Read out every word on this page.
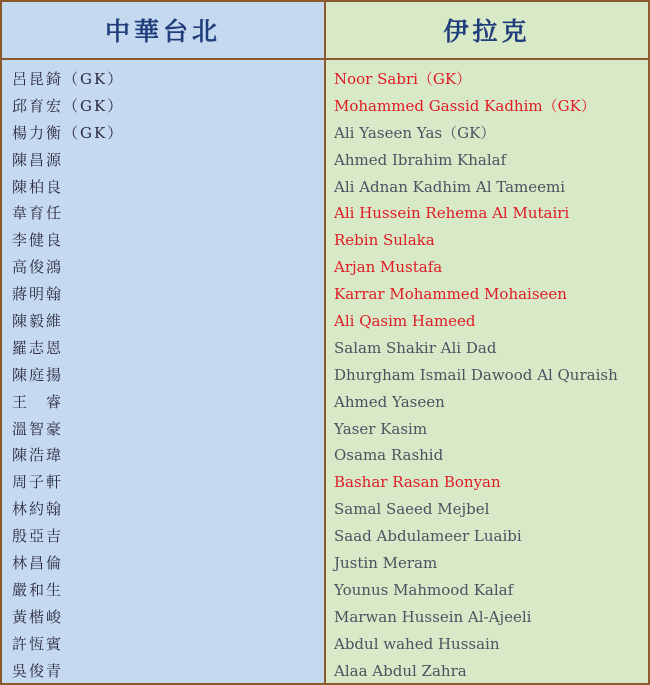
中華台北	伊拉克
呂昆錡（GK）
邱育宏（GK）
楊力衡（GK）
陳昌源
陳柏良
韋育任
李健良
高俊鴻
蔣明翰
陳毅維
羅志恩
陳庭揚
王　睿
溫智豪
陳浩瑋
周子軒
林約翰
殷亞吉
林昌倫
嚴和生
黃楷峻
許恆賓
吳俊青
Noor Sabri（GK）
Mohammed Gassid Kadhim（GK）
Ali Yaseen Yas（GK）
Ahmed Ibrahim Khalaf
Ali Adnan Kadhim Al Tameemi
Ali Hussein Rehema Al Mutairi
Rebin Sulaka
Arjan Mustafa
Karrar Mohammed Mohaiseen
Ali Qasim Hameed
Salam Shakir Ali Dad
Dhurgham Ismail Dawood Al Quraish
Ahmed Yaseen
Yaser Kasim
Osama Rashid
Bashar Rasan Bonyan
Samal Saeed Mejbel
Saad Abdulameer Luaibi
Justin Meram
Younus Mahmood Kalaf
Marwan Hussein Al-Ajeeli
Abdul wahed Hussain
Alaa Abdul Zahra
